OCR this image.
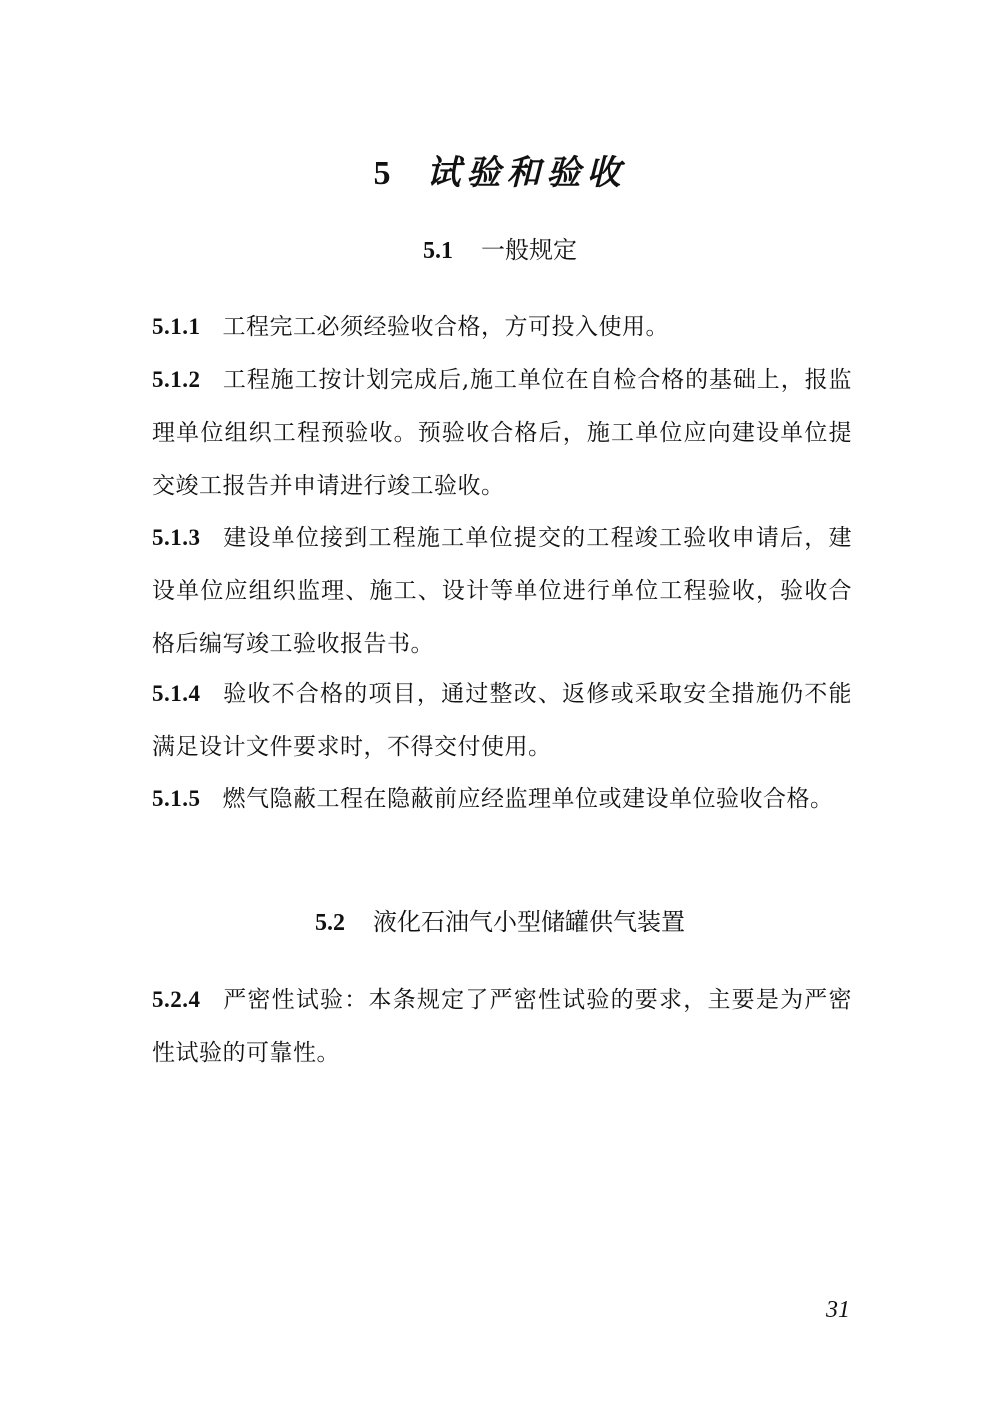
5 试验和验收
5.1 一般规定
5.1.1 工程完工必须经验收合格，方可投入使用。
5.1.2 工程施工按计划完成后,施工单位在自检合格的基础上，报监理单位组织工程预验收。预验收合格后，施工单位应向建设单位提交竣工报告并申请进行竣工验收。
5.1.3 建设单位接到工程施工单位提交的工程竣工验收申请后，建设单位应组织监理、施工、设计等单位进行单位工程验收，验收合格后编写竣工验收报告书。
5.1.4 验收不合格的项目，通过整改、返修或采取安全措施仍不能满足设计文件要求时，不得交付使用。
5.1.5 燃气隐蔽工程在隐蔽前应经监理单位或建设单位验收合格。
5.2 液化石油气小型储罐供气装置
5.2.4 严密性试验：本条规定了严密性试验的要求，主要是为严密性试验的可靠性。
31
